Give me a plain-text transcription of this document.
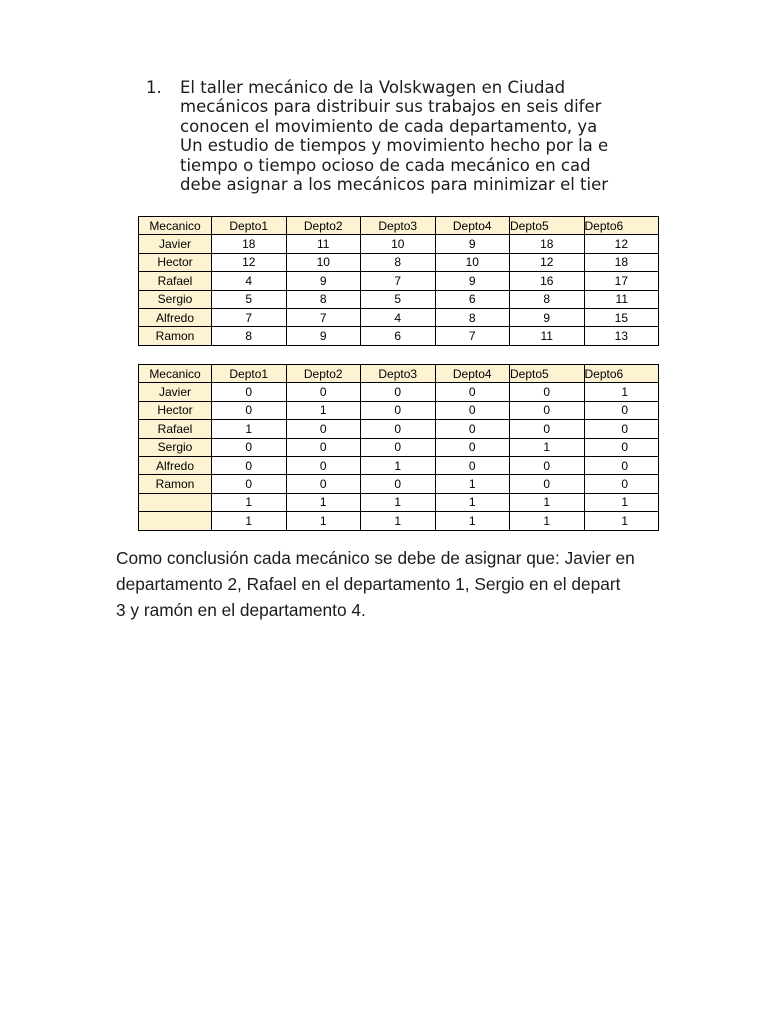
1. El taller mecánico de la Volskwagen en Ciudad
mecánicos para distribuir sus trabajos en seis difer
conocen el movimiento de cada departamento, ya
Un estudio de tiempos y movimiento hecho por la e
tiempo o tiempo ocioso de cada mecánico en cad
debe asignar a los mecánicos para minimizar el tier
Mecanico	Depto1	Depto2	Depto3	Depto4	Depto5	Depto6
Javier	18	11	10	9	18	12
Hector	12	10	8	10	12	18
Rafael	4	9	7	9	16	17
Sergio	5	8	5	6	8	11
Alfredo	7	7	4	8	9	15
Ramon	8	9	6	7	11	13
Mecanico	Depto1	Depto2	Depto3	Depto4	Depto5	Depto6
Javier	0	0	0	0	0	1
Hector	0	1	0	0	0	0
Rafael	1	0	0	0	0	0
Sergio	0	0	0	0	1	0
Alfredo	0	0	1	0	0	0
Ramon	0	0	0	1	0	0
	1	1	1	1	1	1
	1	1	1	1	1	1
Como conclusión cada mecánico se debe de asignar que: Javier en
departamento 2, Rafael en el departamento 1, Sergio en el depart
3 y ramón en el departamento 4.
